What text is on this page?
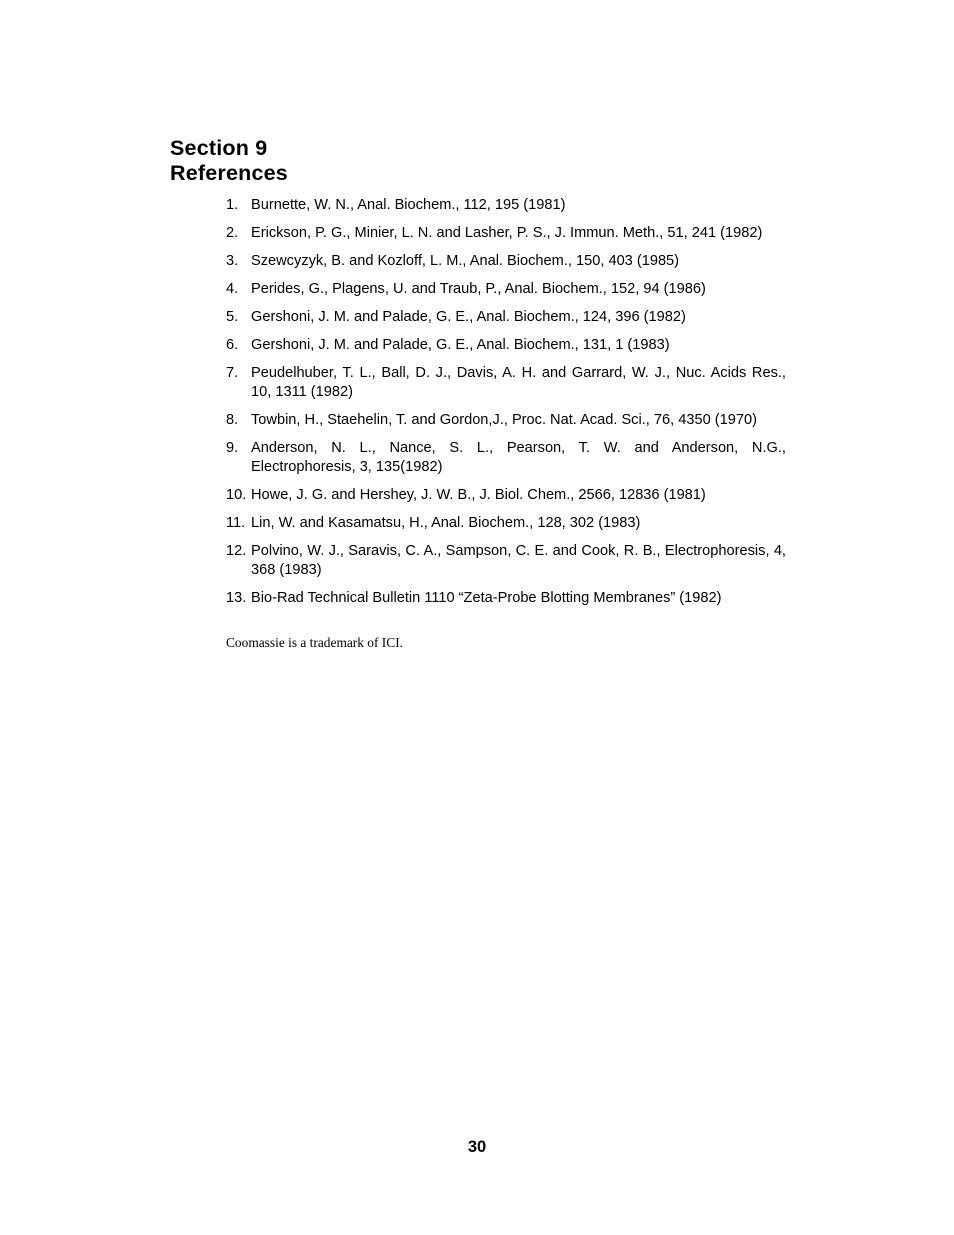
Section 9
References
1. Burnette, W. N., Anal. Biochem., 112, 195 (1981)
2. Erickson, P. G., Minier, L. N. and Lasher, P. S., J. Immun. Meth., 51, 241 (1982)
3. Szewcyzyk, B. and Kozloff, L. M., Anal. Biochem., 150, 403 (1985)
4. Perides, G., Plagens, U. and Traub, P., Anal. Biochem., 152, 94 (1986)
5. Gershoni, J. M. and Palade, G. E., Anal. Biochem., 124, 396 (1982)
6. Gershoni, J. M. and Palade, G. E., Anal. Biochem., 131, 1 (1983)
7. Peudelhuber, T. L., Ball, D. J., Davis, A. H. and Garrard, W. J., Nuc. Acids Res., 10, 1311 (1982)
8. Towbin, H., Staehelin, T. and Gordon,J., Proc. Nat. Acad. Sci., 76, 4350 (1970)
9. Anderson, N. L., Nance, S. L., Pearson, T. W. and Anderson, N.G., Electrophoresis, 3, 135(1982)
10. Howe, J. G. and Hershey, J. W. B., J. Biol. Chem., 2566, 12836 (1981)
11. Lin, W. and Kasamatsu, H., Anal. Biochem., 128, 302 (1983)
12. Polvino, W. J., Saravis, C. A., Sampson, C. E. and Cook, R. B., Electrophoresis, 4, 368 (1983)
13. Bio-Rad Technical Bulletin 1110 “Zeta-Probe Blotting Membranes” (1982)
Coomassie is a trademark of ICI.
30
